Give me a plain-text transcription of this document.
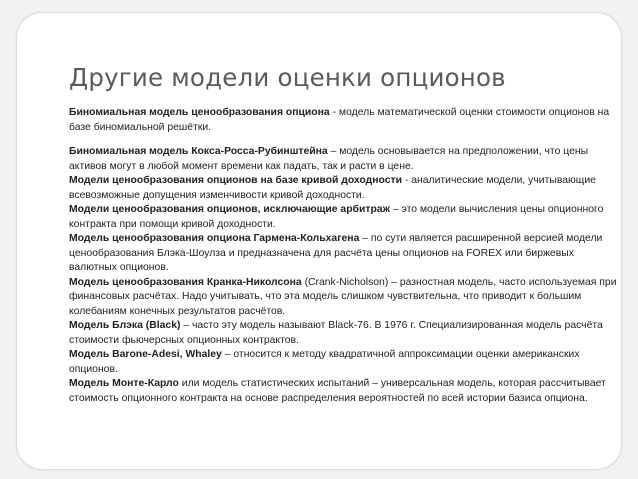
Другие модели оценки опционов

Биномиальная модель ценообразования опциона - модель математической оценки стоимости опционов на базе биномиальной решётки.

Биномиальная модель Кокса-Росса-Рубинштейна – модель основывается на предположении, что цены активов могут в любой момент времени как падать, так и расти в цене.

Модели ценообразования опционов на базе кривой доходности - аналитические модели, учитывающие всевозможные допущения изменчивости кривой доходности.

Модели ценообразования опционов, исключающие арбитраж – это модели вычисления цены опционного контракта при помощи кривой доходности.

Модель ценообразования опциона Гармена-Кольхагена – по сути является расширенной версией модели ценообразования Блэка-Шоулза и предназначена для расчёта цены опционов на FOREX или биржевых валютных опционов.

Модель ценообразования Кранка-Николсона (Crank-Nicholson) – разностная модель, часто используемая при финансовых расчётах. Надо учитывать, что эта модель слишком чувствительна, что приводит к большим колебаниям конечных результатов расчётов.

Модель Блэка (Black) – часто эту модель называют Black-76. В 1976 г. Специализированная модель расчёта стоимости фьючерсных опционных контрактов.

Модель Barone-Adesi, Whaley – относится к методу квадратичной аппроксимации оценки американских опционов.

Модель Монте-Карло или модель статистических испытаний – универсальная модель, которая рассчитывает стоимость опционного контракта на основе распределения вероятностей по всей истории базиса опциона.
